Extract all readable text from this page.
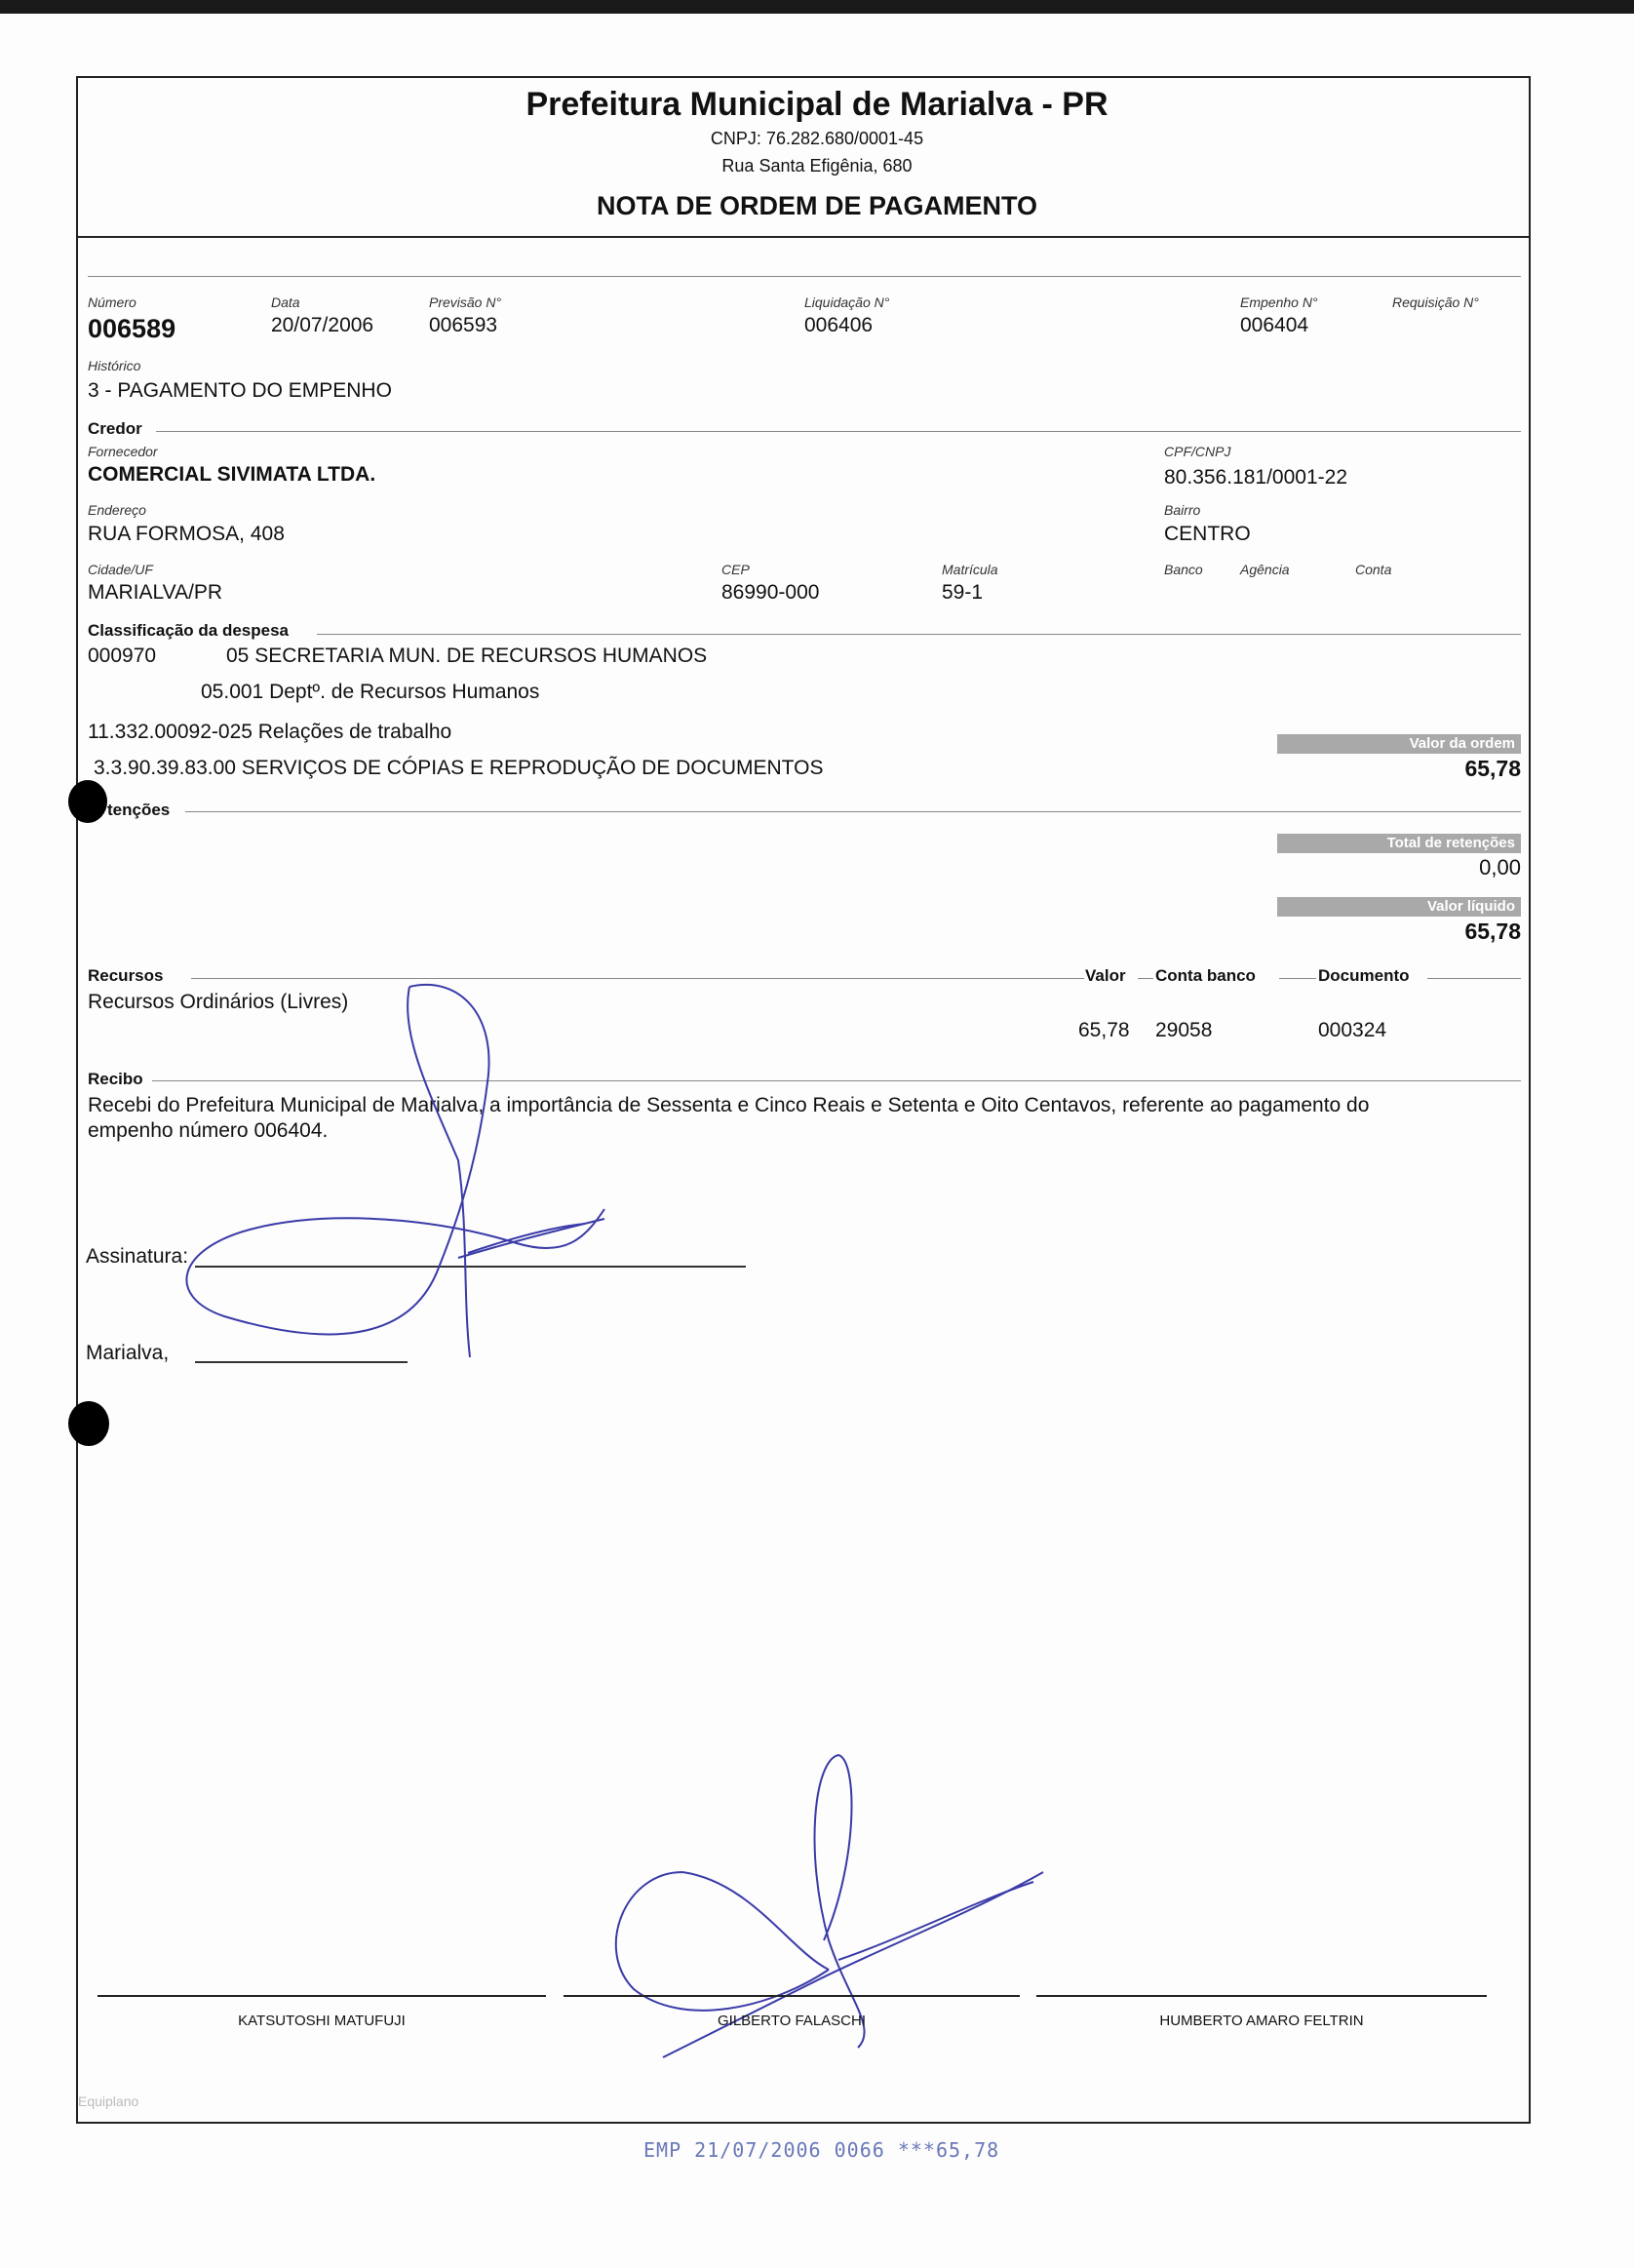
Prefeitura Municipal de Marialva - PR
CNPJ: 76.282.680/0001-45
Rua Santa Efigênia, 680
NOTA DE ORDEM DE PAGAMENTO
Número
006589
Data
20/07/2006
Previsão N°
006593
Liquidação N°
006406
Empenho N°
006404
Requisição N°
Histórico
3 - PAGAMENTO DO EMPENHO
Credor
Fornecedor
COMERCIAL SIVIMATA LTDA.
CPF/CNPJ
80.356.181/0001-22
Endereço
RUA FORMOSA, 408
Bairro
CENTRO
Cidade/UF
MARIALVA/PR
CEP
86990-000
Matrícula
59-1
Banco	Agência	Conta
Classificação da despesa
000970	05 SECRETARIA MUN. DE RECURSOS HUMANOS
05.001 Deptº. de Recursos Humanos
11.332.00092-025 Relações de trabalho
3.3.90.39.83.00 SERVIÇOS DE CÓPIAS E REPRODUÇÃO DE DOCUMENTOS
Valor da ordem
65,78
tenções
Total de retenções
0,00
Valor líquido
65,78
Recursos	Valor Conta banco	Documento
Recursos Ordinários (Livres)
65,78 29058	000324
Recibo
Recebi do Prefeitura Municipal de Marialva, a importância de Sessenta e Cinco Reais e Setenta e Oito Centavos, referente ao pagamento do
empenho número 006404.
Assinatura:
Marialva,
KATSUTOSHI MATUFUJI	GILBERTO FALASCHI	HUMBERTO AMARO FELTRIN
Equiplano
EMP 21/07/2006 0066 ***65,78
